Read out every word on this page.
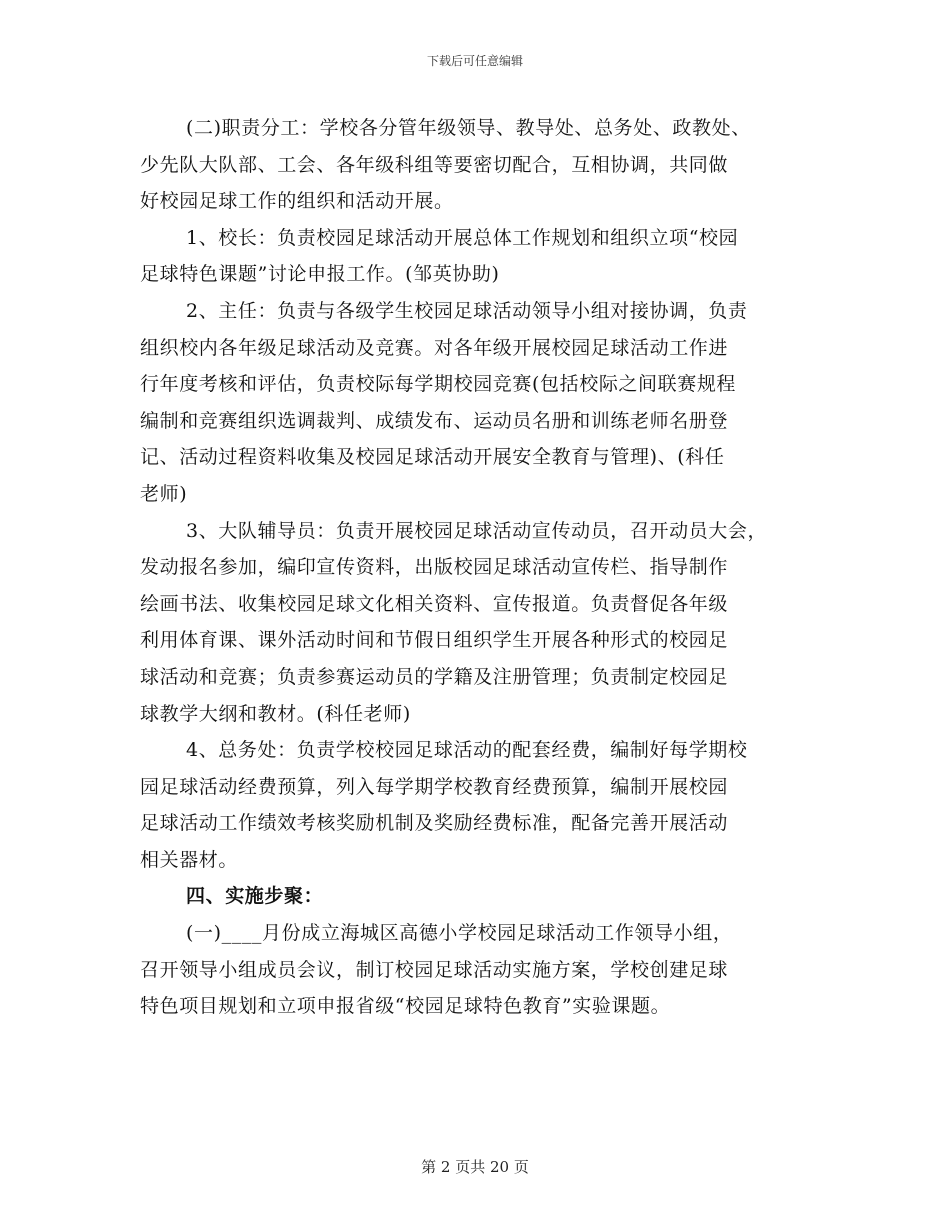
下载后可任意编辑
(二)职责分工：学校各分管年级领导、教导处、总务处、政教处、
少先队大队部、工会、各年级科组等要密切配合，互相协调，共同做
好校园足球工作的组织和活动开展。
1、校长：负责校园足球活动开展总体工作规划和组织立项“校园
足球特色课题”讨论申报工作。(邹英协助)
2、主任：负责与各级学生校园足球活动领导小组对接协调，负责
组织校内各年级足球活动及竞赛。对各年级开展校园足球活动工作进
行年度考核和评估，负责校际每学期校园竞赛(包括校际之间联赛规程
编制和竞赛组织选调裁判、成绩发布、运动员名册和训练老师名册登
记、活动过程资料收集及校园足球活动开展安全教育与管理)、(科任
老师)
3、大队辅导员：负责开展校园足球活动宣传动员，召开动员大会，
发动报名参加，编印宣传资料，出版校园足球活动宣传栏、指导制作
绘画书法、收集校园足球文化相关资料、宣传报道。负责督促各年级
利用体育课、课外活动时间和节假日组织学生开展各种形式的校园足
球活动和竞赛；负责参赛运动员的学籍及注册管理；负责制定校园足
球教学大纲和教材。(科任老师)
4、总务处：负责学校校园足球活动的配套经费，编制好每学期校
园足球活动经费预算，列入每学期学校教育经费预算，编制开展校园
足球活动工作绩效考核奖励机制及奖励经费标准，配备完善开展活动
相关器材。
四、实施步聚：
(一)____月份成立海城区高德小学校园足球活动工作领导小组，
召开领导小组成员会议，制订校园足球活动实施方案，学校创建足球
特色项目规划和立项申报省级“校园足球特色教育”实验课题。
第 2 页共 20 页
